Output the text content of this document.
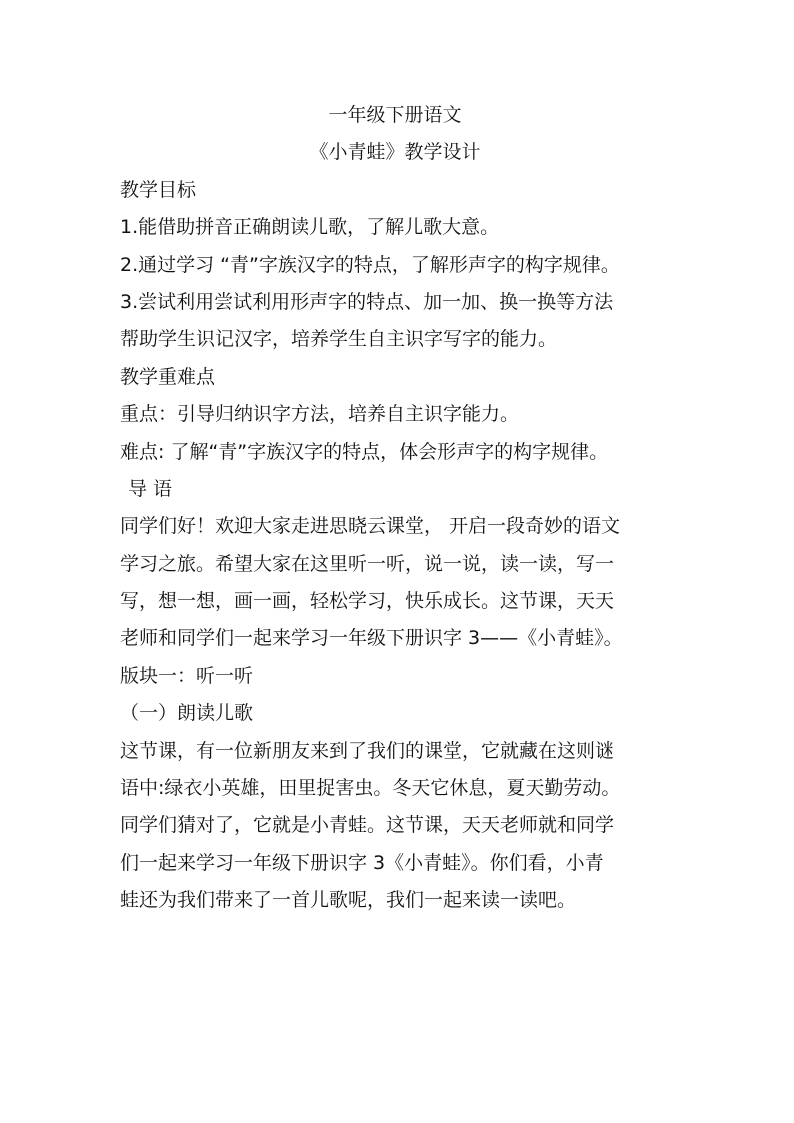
一年级下册语文
《小青蛙》教学设计
教学目标
1.能借助拼音正确朗读儿歌，了解儿歌大意。
2.通过学习 “青”字族汉字的特点，了解形声字的构字规律。
3.尝试利用尝试利用形声字的特点、加一加、换一换等方法
帮助学生识记汉字，培养学生自主识字写字的能力。
教学重难点
重点：引导归纳识字方法，培养自主识字能力。
难点: 了解“青”字族汉字的特点，体会形声字的构字规律。
导 语
同学们好！欢迎大家走进思晓云课堂， 开启一段奇妙的语文
学习之旅。希望大家在这里听一听，说一说，读一读，写一
写，想一想，画一画，轻松学习，快乐成长。这节课，天天
老师和同学们一起来学习一年级下册识字 3——《小青蛙》。
版块一：听一听
（一）朗读儿歌
这节课，有一位新朋友来到了我们的课堂，它就藏在这则谜
语中:绿衣小英雄，田里捉害虫。冬天它休息，夏天勤劳动。
同学们猜对了，它就是小青蛙。这节课，天天老师就和同学
们一起来学习一年级下册识字 3《小青蛙》。你们看，小青
蛙还为我们带来了一首儿歌呢，我们一起来读一读吧。
